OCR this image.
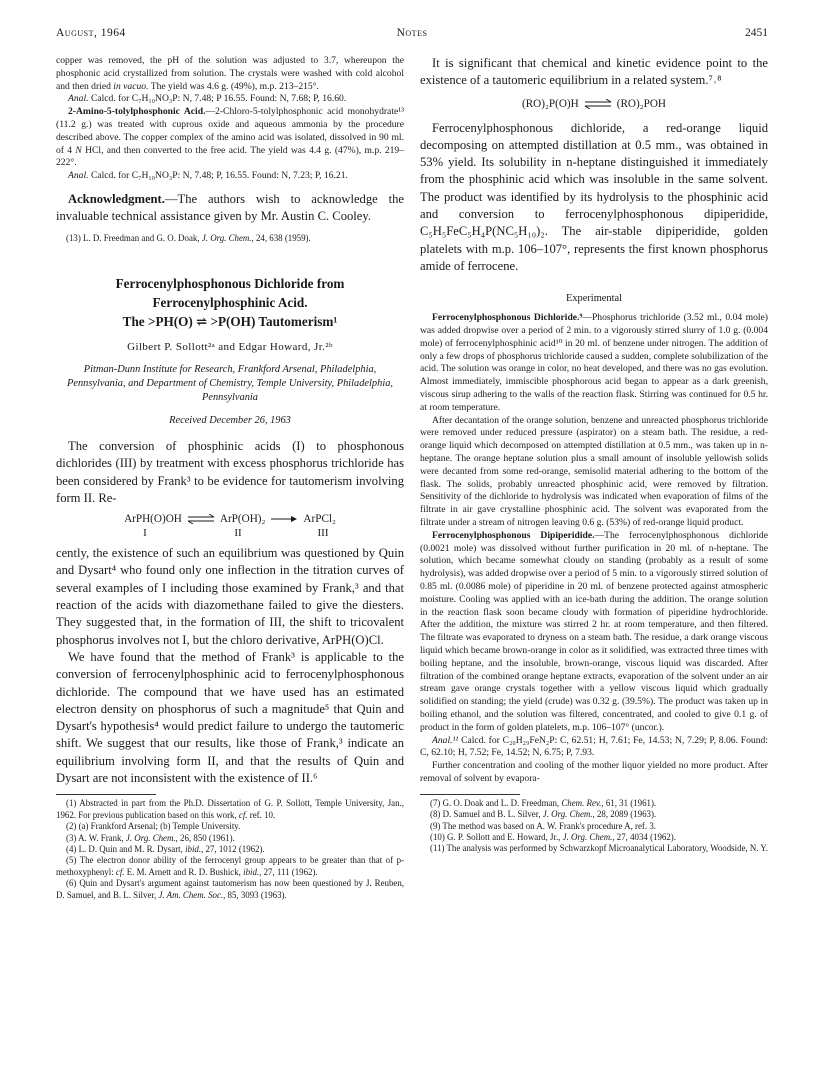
August, 1964	Notes	2451

copper was removed, the pH of the solution was adjusted to 3.7, whereupon the phosphonic acid crystallized from solution. The crystals were washed with cold alcohol and then dried in vacuo. The yield was 4.6 g. (49%), m.p. 213–215°.

Anal. Calcd. for C₇H₁₀NO₃P: N, 7.48; P 16.55. Found: N, 7.68; P, 16.60.

2-Amino-5-tolylphosphonic Acid.—2-Chloro-5-tolylphosphonic acid monohydrate¹³ (11.2 g.) was treated with cuprous oxide and aqueous ammonia by the procedure described above. The copper complex of the amino acid was isolated, dissolved in 90 ml. of 4 N HCl, and then converted to the free acid. The yield was 4.4 g. (47%), m.p. 219–222°.

Anal. Calcd. for C₇H₁₀NO₃P: N, 7.48; P, 16.55. Found: N, 7.23; P, 16.21.

Acknowledgment.—The authors wish to acknowledge the invaluable technical assistance given by Mr. Austin C. Cooley.

(13) L. D. Freedman and G. O. Doak, J. Org. Chem., 24, 638 (1959).

Ferrocenylphosphonous Dichloride from

Ferrocenylphosphinic Acid.

The >PH(O) ⇌ >P(OH) Tautomerism¹

Gilbert P. Sollott²ᵃ and Edgar Howard, Jr.²ᵇ

Pitman-Dunn Institute for Research, Frankford Arsenal, Philadelphia, Pennsylvania, and Department of Chemistry, Temple University, Philadelphia, Pennsylvania

Received December 26, 1963

The conversion of phosphinic acids (I) to phosphonous dichlorides (III) by treatment with excess phosphorus trichloride has been considered by Frank³ to be evidence for tautomerism involving form II. Re-

ArPH(O)OH ⇌ ArP(OH)₂ → ArPCl₂
I	II	III

cently, the existence of such an equilibrium was questioned by Quin and Dysart⁴ who found only one inflection in the titration curves of several examples of I including those examined by Frank,³ and that reaction of the acids with diazomethane failed to give the diesters. They suggested that, in the formation of III, the shift to tricovalent phosphorus involves not I, but the chloro derivative, ArPH(O)Cl.

We have found that the method of Frank³ is applicable to the conversion of ferrocenylphosphinic acid to ferrocenylphosphonous dichloride. The compound that we have used has an estimated electron density on phosphorus of such a magnitude⁵ that Quin and Dysart's hypothesis⁴ would predict failure to undergo the tautomeric shift. We suggest that our results, like those of Frank,³ indicate an equilibrium involving form II, and that the results of Quin and Dysart are not inconsistent with the existence of II.⁶

(1) Abstracted in part from the Ph.D. Dissertation of G. P. Sollott, Temple University, Jan., 1962. For previous publication based on this work, cf. ref. 10.

(2) (a) Frankford Arsenal; (b) Temple University.

(3) A. W. Frank, J. Org. Chem., 26, 850 (1961).

(4) L. D. Quin and M. R. Dysart, ibid., 27, 1012 (1962).

(5) The electron donor ability of the ferrocenyl group appears to be greater than that of p-methoxyphenyl: cf. E. M. Arnett and R. D. Bushick, ibid., 27, 111 (1962).

(6) Quin and Dysart's argument against tautomerism has now been questioned by J. Reuben, D. Samuel, and B. L. Silver, J. Am. Chem. Soc., 85, 3093 (1963).

It is significant that chemical and kinetic evidence point to the existence of a tautomeric equilibrium in a related system.⁷˒⁸

(RO)₂P(O)H ⇌ (RO)₂POH

Ferrocenylphosphonous dichloride, a red-orange liquid decomposing on attempted distillation at 0.5 mm., was obtained in 53% yield. Its solubility in n-heptane distinguished it immediately from the phosphinic acid which was insoluble in the same solvent. The product was identified by its hydrolysis to the phosphinic acid and conversion to ferrocenylphosphonous dipiperidide, C₅H₅FeC₅H₄P(NC₅H₁₀)₂. The air-stable dipiperidide, golden platelets with m.p. 106–107°, represents the first known phosphorus amide of ferrocene.

Experimental

Ferrocenylphosphonous Dichloride.⁹—Phosphorus trichloride (3.52 ml., 0.04 mole) was added dropwise over a period of 2 min. to a vigorously stirred slurry of 1.0 g. (0.004 mole) of ferrocenylphosphinic acid¹⁰ in 20 ml. of benzene under nitrogen. The addition of only a few drops of phosphorus trichloride caused a sudden, complete solubilization of the acid. The solution was orange in color, no heat developed, and there was no gas evolution. Almost immediately, immiscible phosphorous acid began to appear as a dark greenish, viscous sirup adhering to the walls of the reaction flask. Stirring was continued for 0.5 hr. at room temperature.

After decantation of the orange solution, benzene and unreacted phosphorus trichloride were removed under reduced pressure (aspirator) on a steam bath. The residue, a red-orange liquid which decomposed on attempted distillation at 0.5 mm., was taken up in n-heptane. The orange heptane solution plus a small amount of insoluble yellowish solids were decanted from some red-orange, semisolid material adhering to the bottom of the flask. The solids, probably unreacted phosphinic acid, were removed by filtration. Sensitivity of the dichloride to hydrolysis was indicated when evaporation of films of the filtrate in air gave crystalline phosphinic acid. The solvent was evaporated from the filtrate under a stream of nitrogen leaving 0.6 g. (53%) of red-orange liquid product.

Ferrocenylphosphonous Dipiperidide.—The ferrocenylphosphonous dichloride (0.0021 mole) was dissolved without further purification in 20 ml. of n-heptane. The solution, which became somewhat cloudy on standing (probably as a result of some hydrolysis), was added dropwise over a period of 5 min. to a vigorously stirred solution of 0.85 ml. (0.0086 mole) of piperidine in 20 ml. of benzene protected against atmospheric moisture. Cooling was applied with an ice-bath during the addition. The orange solution in the reaction flask soon became cloudy with formation of piperidine hydrochloride. After the addition, the mixture was stirred 2 hr. at room temperature, and then filtered. The filtrate was evaporated to dryness on a steam bath. The residue, a dark orange viscous liquid which became brown-orange in color as it solidified, was extracted three times with boiling heptane, and the insoluble, brown-orange, viscous liquid was discarded. After filtration of the combined orange heptane extracts, evaporation of the solvent under an air stream gave orange crystals together with a yellow viscous liquid which gradually solidified on standing; the yield (crude) was 0.32 g. (39.5%). The product was taken up in boiling ethanol, and the solution was filtered, concentrated, and cooled to give 0.1 g. of product in the form of golden platelets, m.p. 106–107° (uncor.).

Anal.¹¹ Calcd. for C₂₀H₂₉FeN₂P: C, 62.51; H, 7.61; Fe, 14.53; N, 7.29; P, 8.06. Found: C, 62.10; H, 7.52; Fe, 14.52; N, 6.75; P, 7.93.

Further concentration and cooling of the mother liquor yielded no more product. After removal of solvent by evapora-

(7) G. O. Doak and L. D. Freedman, Chem. Rev., 61, 31 (1961).

(8) D. Samuel and B. L. Silver, J. Org. Chem., 28, 2089 (1963).

(9) The method was based on A. W. Frank's procedure A, ref. 3.

(10) G. P. Sollott and E. Howard, Jr., J. Org. Chem., 27, 4034 (1962).

(11) The analysis was performed by Schwarzkopf Microanalytical Laboratory, Woodside, N. Y.
